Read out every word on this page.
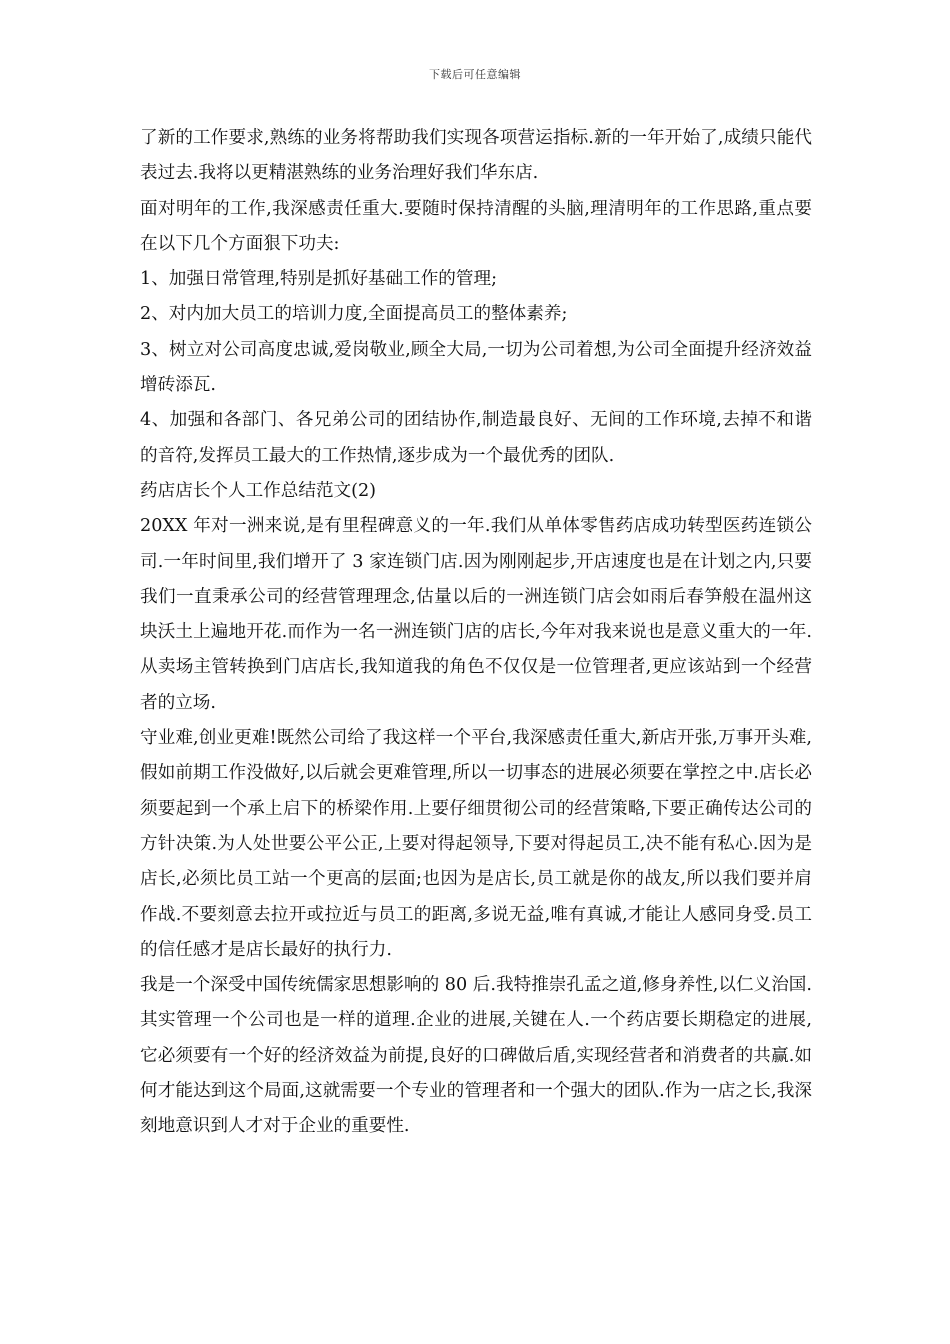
下载后可任意编辑

了新的工作要求,熟练的业务将帮助我们实现各项营运指标.新的一年开始了,成绩只能代表过去.我将以更精湛熟练的业务治理好我们华东店.

面对明年的工作,我深感责任重大.要随时保持清醒的头脑,理清明年的工作思路,重点要在以下几个方面狠下功夫:

1、加强日常管理,特别是抓好基础工作的管理;

2、对内加大员工的培训力度,全面提高员工的整体素养;

3、树立对公司高度忠诚,爱岗敬业,顾全大局,一切为公司着想,为公司全面提升经济效益增砖添瓦.

4、加强和各部门、各兄弟公司的团结协作,制造最良好、无间的工作环境,去掉不和谐的音符,发挥员工最大的工作热情,逐步成为一个最优秀的团队.

药店店长个人工作总结范文(2)

20XX 年对一洲来说,是有里程碑意义的一年.我们从单体零售药店成功转型医药连锁公司.一年时间里,我们增开了 3 家连锁门店.因为刚刚起步,开店速度也是在计划之内,只要我们一直秉承公司的经营管理理念,估量以后的一洲连锁门店会如雨后春笋般在温州这块沃土上遍地开花.而作为一名一洲连锁门店的店长,今年对我来说也是意义重大的一年.从卖场主管转换到门店店长,我知道我的角色不仅仅是一位管理者,更应该站到一个经营者的立场.

守业难,创业更难!既然公司给了我这样一个平台,我深感责任重大,新店开张,万事开头难,假如前期工作没做好,以后就会更难管理,所以一切事态的进展必须要在掌控之中.店长必须要起到一个承上启下的桥梁作用.上要仔细贯彻公司的经营策略,下要正确传达公司的方针决策.为人处世要公平公正,上要对得起领导,下要对得起员工,决不能有私心.因为是店长,必须比员工站一个更高的层面;也因为是店长,员工就是你的战友,所以我们要并肩作战.不要刻意去拉开或拉近与员工的距离,多说无益,唯有真诚,才能让人感同身受.员工的信任感才是店长最好的执行力.

我是一个深受中国传统儒家思想影响的 80 后.我特推崇孔孟之道,修身养性,以仁义治国.其实管理一个公司也是一样的道理.企业的进展,关键在人.一个药店要长期稳定的进展,它必须要有一个好的经济效益为前提,良好的口碑做后盾,实现经营者和消费者的共赢.如何才能达到这个局面,这就需要一个专业的管理者和一个强大的团队.作为一店之长,我深刻地意识到人才对于企业的重要性.
